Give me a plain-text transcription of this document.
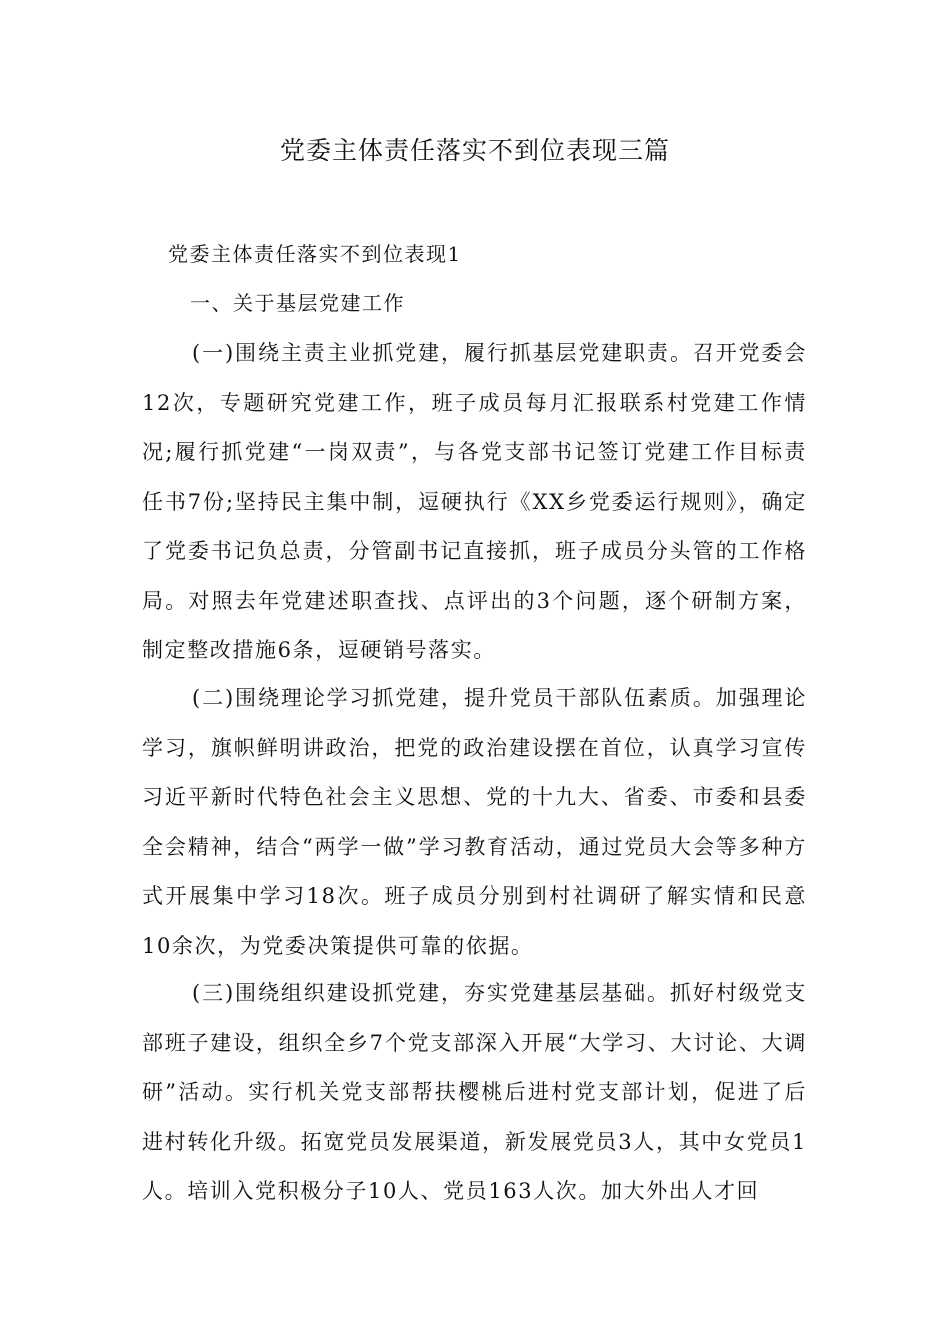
党委主体责任落实不到位表现三篇
党委主体责任落实不到位表现1
一、关于基层党建工作

(一)围绕主责主业抓党建，履行抓基层党建职责。召开党委会12次，专题研究党建工作，班子成员每月汇报联系村党建工作情况;履行抓党建“一岗双责”，与各党支部书记签订党建工作目标责任书7份;坚持民主集中制，逗硬执行《XX乡党委运行规则》，确定了党委书记负总责，分管副书记直接抓，班子成员分头管的工作格局。对照去年党建述职查找、点评出的3个问题，逐个研制方案，制定整改措施6条，逗硬销号落实。

(二)围绕理论学习抓党建，提升党员干部队伍素质。加强理论学习，旗帜鲜明讲政治，把党的政治建设摆在首位，认真学习宣传习近平新时代特色社会主义思想、党的十九大、省委、市委和县委全会精神，结合“两学一做”学习教育活动，通过党员大会等多种方式开展集中学习18次。班子成员分别到村社调研了解实情和民意10余次，为党委决策提供可靠的依据。

(三)围绕组织建设抓党建，夯实党建基层基础。抓好村级党支部班子建设，组织全乡7个党支部深入开展“大学习、大讨论、大调研”活动。实行机关党支部帮扶樱桃后进村党支部计划，促进了后进村转化升级。拓宽党员发展渠道，新发展党员3人，其中女党员1人。培训入党积极分子10人、党员163人次。加大外出人才回
